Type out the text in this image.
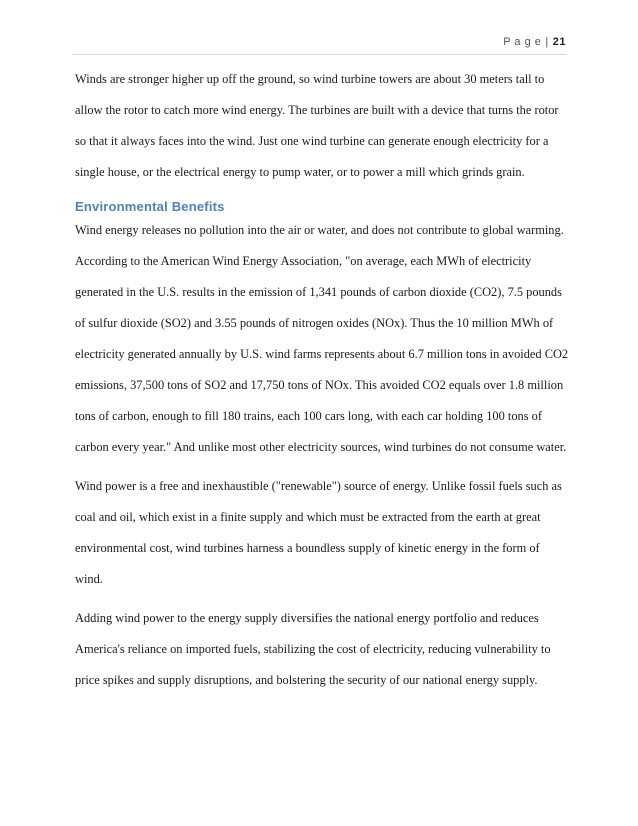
P a g e | 21

Winds are stronger higher up off the ground, so wind turbine towers are about 30 meters tall to allow the rotor to catch more wind energy. The turbines are built with a device that turns the rotor so that it always faces into the wind. Just one wind turbine can generate enough electricity for a single house, or the electrical energy to pump water, or to power a mill which grinds grain.

Environmental Benefits

Wind energy releases no pollution into the air or water, and does not contribute to global warming. According to the American Wind Energy Association, "on average, each MWh of electricity generated in the U.S. results in the emission of 1,341 pounds of carbon dioxide (CO2), 7.5 pounds of sulfur dioxide (SO2) and 3.55 pounds of nitrogen oxides (NOx). Thus the 10 million MWh of electricity generated annually by U.S. wind farms represents about 6.7 million tons in avoided CO2 emissions, 37,500 tons of SO2 and 17,750 tons of NOx. This avoided CO2 equals over 1.8 million tons of carbon, enough to fill 180 trains, each 100 cars long, with each car holding 100 tons of carbon every year." And unlike most other electricity sources, wind turbines do not consume water.

Wind power is a free and inexhaustible ("renewable") source of energy. Unlike fossil fuels such as coal and oil, which exist in a finite supply and which must be extracted from the earth at great environmental cost, wind turbines harness a boundless supply of kinetic energy in the form of wind.

Adding wind power to the energy supply diversifies the national energy portfolio and reduces America's reliance on imported fuels, stabilizing the cost of electricity, reducing vulnerability to price spikes and supply disruptions, and bolstering the security of our national energy supply.
